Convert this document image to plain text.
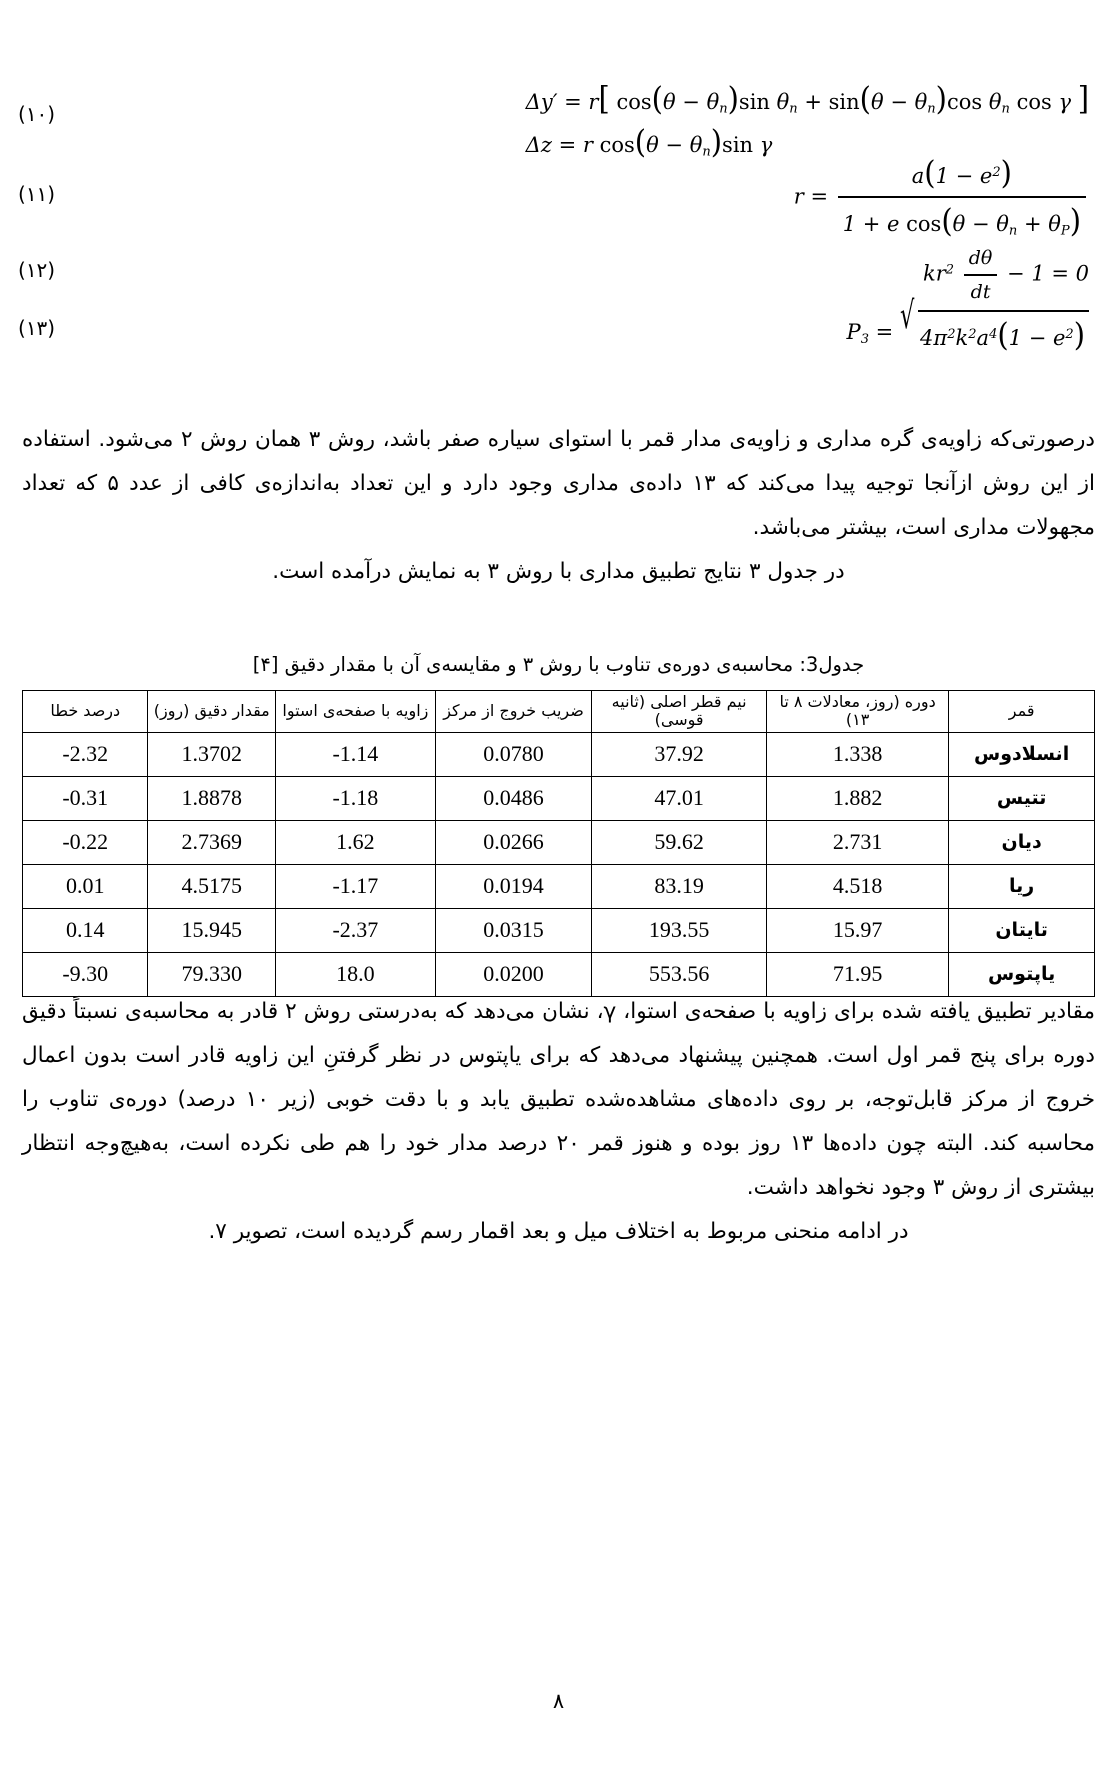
Δy′ = r[ $\cos(\theta - \theta_n)\sin$ $\theta_n + \sin(\theta - \theta_n)\cos$ $\theta_n$ cos γ ]
Δz = r $\cos(\theta - \theta_n)\sin$ γ
(۱۰)
$r = \frac{a(1 - e^2)}{1 + e \cos(\theta - \theta_n + \theta_P)}$
(۱۱)
$kr^2 \frac{d\theta}{dt} - 1 = 0$
(۱۲)
$P_3$ = √ $4\pi^2k^2a^4(1 - e^2)$
(۱۳)
درصورتی‌که زاویه‌ی گره مداری و زاویه‌ی مدار قمر با استوای سیاره صفر باشد، روش ۳ همان روش ۲ می‌شود. استفاده از این روش ازآنجا توجیه پیدا می‌کند که ۱۳ داده‌ی مداری وجود دارد و این تعداد به‌اندازه‌ی کافی از عدد ۵ که تعداد مجهولات مداری است، بیشتر می‌باشد.
در جدول ۳ نتایج تطبیق مداری با روش ۳ به نمایش درآمده است.
جدول3: محاسبه‌ی دوره‌ی تناوب با روش ۳ و مقایسه‌ی آن با مقدار دقیق [۴]
قمر	دوره (روز، معادلات ۸ تا ۱۳)	نیم قطر اصلی (ثانیه قوسی)	ضریب خروج از مرکز	زاویه با صفحه‌ی استوا	مقدار دقیق (روز)	درصد خطا
انسلادوس	1.338	37.92	0.0780	-1.14	1.3702	-2.32
تتیس	1.882	47.01	0.0486	-1.18	1.8878	-0.31
دیان	2.731	59.62	0.0266	1.62	2.7369	-0.22
ریا	4.518	83.19	0.0194	-1.17	4.5175	0.01
تایتان	15.97	193.55	0.0315	-2.37	15.945	0.14
یاپتوس	71.95	553.56	0.0200	18.0	79.330	-9.30
مقادیر تطبیق یافته شده برای زاویه با صفحه‌ی استوا، γ، نشان می‌دهد که به‌درستی روش ۲ قادر به محاسبه‌ی نسبتاً دقیق دوره برای پنج قمر اول است. همچنین پیشنهاد می‌دهد که برای یاپتوس در نظر گرفتنِ این زاویه قادر است بدون اعمال خروج از مرکز قابل‌توجه، بر روی داده‌های مشاهده‌شده تطبیق یابد و با دقت خوبی (زیر ۱۰ درصد) دوره‌ی تناوب را محاسبه کند. البته چون داده‌ها ۱۳ روز بوده و هنوز قمر ۲۰ درصد مدار خود را هم طی نکرده است، به‌هیچ‌وجه انتظار بیشتری از روش ۳ وجود نخواهد داشت.
در ادامه منحنی مربوط به اختلاف میل و بعد اقمار رسم گردیده است، تصویر ۷.
۸
